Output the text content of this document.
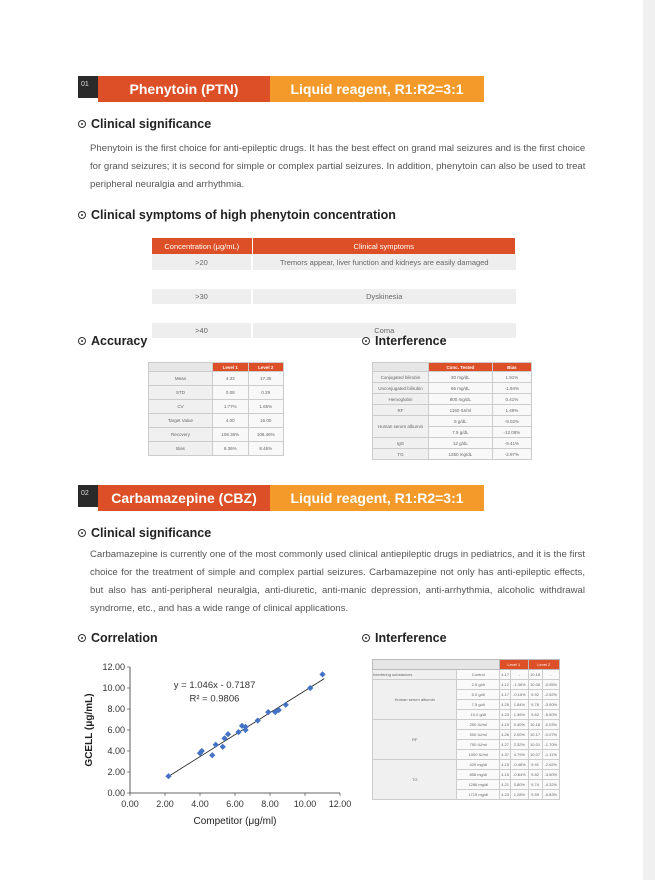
01	Phenytoin (PTN)	Liquid reagent, R1:R2=3:1
Clinical significance
Phenytoin is the first choice for anti-epileptic drugs. It has the best effect on grand mal seizures and is the first choice for grand seizures; it is second for simple or complex partial seizures. In addition, phenytoin can also be used to treat peripheral neuralgia and arrhythmia.
Clinical symptoms of high phenytoin concentration
Concentration (μg/mL)	Clinical symptoms
>20	Tremors appear, liver function and kidneys are easily damaged

>30	Dyskinesia

>40	Coma
Accuracy	Interference
	Level 1	Level 2
Mean	4.33	17.35
STD	0.08	0.29
CV	1.77%	1.65%
Target Value	4.00	16.00
Recovery	108.36%	108.46%
Bias	8.36%	8.46%
	Conc. Tested	Bias
Conjugated bilirubin	30 mg/dL	1.91%
Unconjugated bilirubin	66 mg/dL	-1.94%
Hemoglobin	800 mg/dL	0.41%
RF	1160 IU/ml	1.49%
Human serum albumin	5 g/dL	-9.02%
	7.5 g/dL	-12.08%
IgG	12 g/dL	-9.41%
TG	1250 mg/dL	-2.97%
02	Carbamazepine (CBZ)	Liquid reagent, R1:R2=3:1
Clinical significance
Carbamazepine is currently one of the most commonly used clinical antiepileptic drugs in pediatrics, and it is the first choice for the treatment of simple and complex partial seizures. Carbamazepine not only has anti-epileptic effects, but also has anti-peripheral neuralgia, anti-diuretic, anti-manic depression, anti-arrhythmia, alcoholic withdrawal syndrome, etc., and has a wide range of clinical applications.
Correlation	Interference
0.00 2.00 4.00 6.00 8.00 10.00 12.00
0.00
2.00
4.00
6.00
8.00
10.00
12.00
y = 1.046x - 0.7187
R² = 0.9806
Competitor (μg/ml)
GCELL (μg/mL)
		Level 1		Level 2	
Interfering substances	Control	4.17	-	10.18	-
Human serum albumin	2.5 g/dl	4.12	-1.36%	10.08	-0.95%
	5.0 g/dl	4.17	-0.16%	9.92	-2.52%
	7.5 g/dl	4.25	1.84%	9.78	-3.90%
	10.0 g/dl	4.23	1.36%	9.62	-5.50%
RF	250 IU/ml	4.19	0.40%	10.18	-0.03%
	500 IU/ml	4.26	2.00%	10.17	-0.07%
	750 IU/ml	4.27	2.32%	10.01	-1.70%
	1000 IU/ml	4.37	4.79%	10.07	-1.11%
TG	429 mg/dl	4.15	-0.48%	9.91	-2.62%
	858 mg/dl	4.15	-0.64%	9.82	-3.50%
	1286 mg/dl	4.21	0.80%	9.74	-4.32%
	1715 mg/dl	4.23	1.28%	9.59	-5.83%
